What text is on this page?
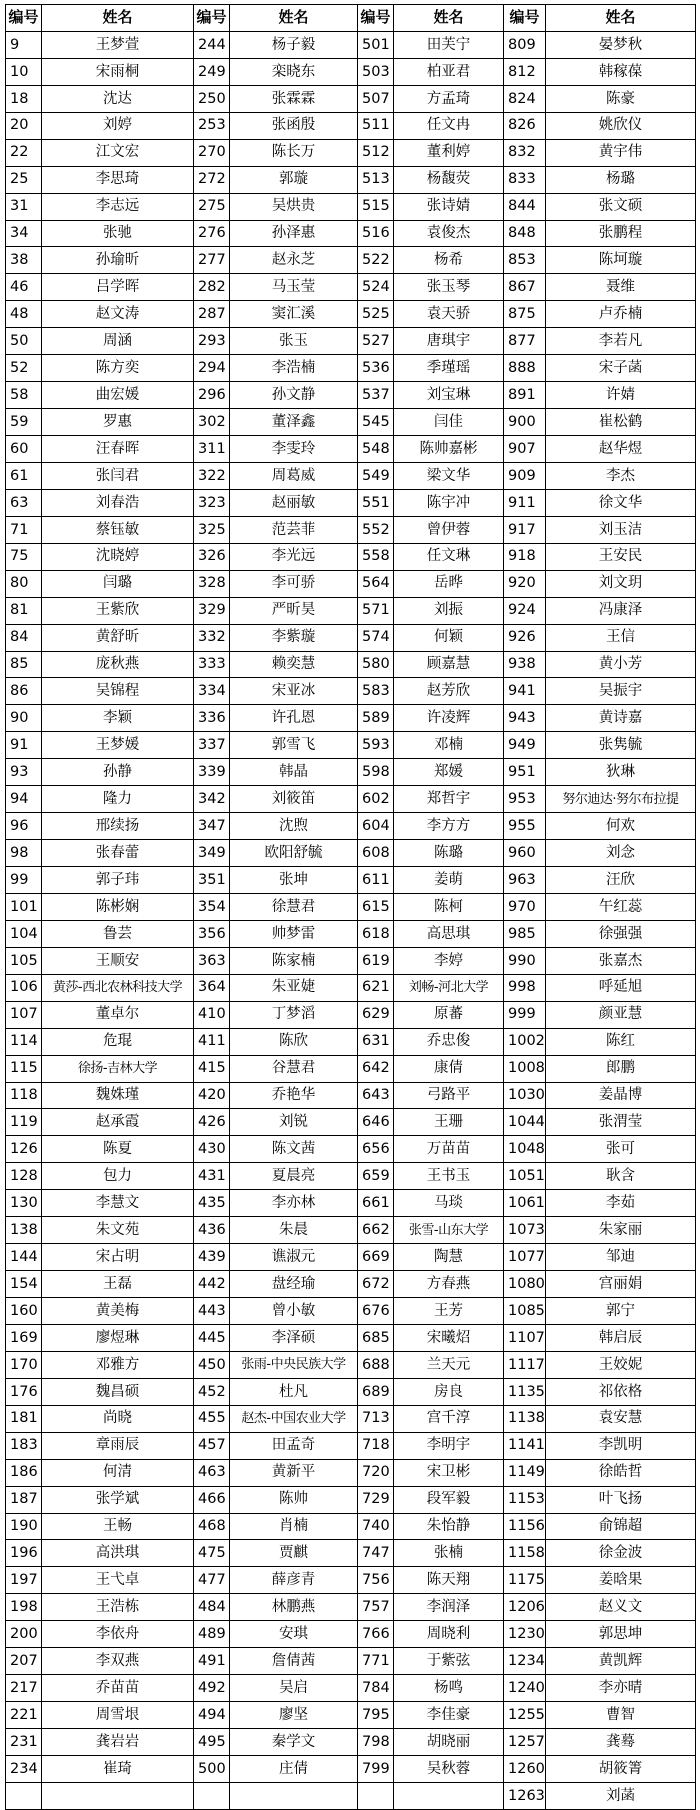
编号	姓名	编号	姓名	编号	姓名	编号	姓名
9	王梦萱	244	杨子毅	501	田芙宁	809	晏梦秋
10	宋雨桐	249	栾晓东	503	柏亚君	812	韩稼葆
18	沈达	250	张霖霖	507	方孟琦	824	陈豪
20	刘婷	253	张函殷	511	任文冉	826	姚欣仪
22	江文宏	270	陈长万	512	董利婷	832	黄宇伟
25	李思琦	272	郭璇	513	杨馥荧	833	杨璐
31	李志远	275	吴烘贵	515	张诗婧	844	张文硕
34	张驰	276	孙泽惠	516	袁俊杰	848	张鹏程
38	孙瑜昕	277	赵永芝	522	杨希	853	陈坷璇
46	吕学晖	282	马玉莹	524	张玉琴	867	聂维
48	赵文涛	287	窦汇溪	525	袁天骄	875	卢乔楠
50	周涵	293	张玉	527	唐琪宇	877	李若凡
52	陈方奕	294	李浩楠	536	季瑾瑶	888	宋子菡
58	曲宏媛	296	孙文静	537	刘宝琳	891	许婧
59	罗惠	302	董泽鑫	545	闫佳	900	崔松鹤
60	汪春晖	311	李雯玲	548	陈帅嘉彬	907	赵华煜
61	张闫君	322	周葛威	549	梁文华	909	李杰
63	刘春浩	323	赵丽敏	551	陈宇冲	911	徐文华
71	蔡钰敏	325	范芸菲	552	曾伊蓉	917	刘玉洁
75	沈晓婷	326	李光远	558	任文琳	918	王安民
80	闫璐	328	李可骄	564	岳晔	920	刘文玥
81	王紫欣	329	严昕昊	571	刘振	924	冯康泽
84	黄舒昕	332	李紫璇	574	何颖	926	王信
85	庞秋燕	333	赖奕慧	580	顾嘉慧	938	黄小芳
86	吴锦程	334	宋亚冰	583	赵芳欣	941	吴振宇
90	李颖	336	许孔恩	589	许凌辉	943	黄诗嘉
91	王梦媛	337	郭雪飞	593	邓楠	949	张隽毓
93	孙静	339	韩晶	598	郑媛	951	狄琳
94	隆力	342	刘筱笛	602	郑哲宇	953	努尔迪达·努尔布拉提
96	邢续扬	347	沈煦	604	李方方	955	何欢
98	张春蕾	349	欧阳舒毓	608	陈璐	960	刘念
99	郭子玮	351	张坤	611	姜萌	963	汪欣
101	陈彬娴	354	徐慧君	615	陈柯	970	午红蕊
104	鲁芸	356	帅梦雷	618	高思琪	985	徐强强
105	王顺安	363	陈家楠	619	李婷	990	张嘉杰
106	黄莎-西北农林科技大学	364	朱亚婕	621	刘畅-河北大学	998	呼延旭
107	董卓尔	410	丁梦滔	629	原蕃	999	颜亚慧
114	危琨	411	陈欣	631	乔忠俊	1002	陈红
115	徐扬-吉林大学	415	谷慧君	642	康倩	1008	郎鹏
118	魏姝瑾	420	乔艳华	643	弓路平	1030	姜晶博
119	赵承霞	426	刘锐	646	王珊	1044	张渭莹
126	陈夏	430	陈文茜	656	万苗苗	1048	张可
128	包力	431	夏晨亮	659	王书玉	1051	耿含
130	李慧文	435	李亦林	661	马琰	1061	李茹
138	朱文苑	436	朱晨	662	张雪-山东大学	1073	朱家丽
144	宋占明	439	谯淑元	669	陶慧	1077	邹迪
154	王磊	442	盘经瑜	672	方春燕	1080	宫丽娟
160	黄美梅	443	曾小敏	676	王芳	1085	郭宁
169	廖煜琳	445	李泽硕	685	宋曦炤	1107	韩启辰
170	邓雅方	450	张雨-中央民族大学	688	兰天元	1117	王姣妮
176	魏昌硕	452	杜凡	689	房良	1135	祁依格
181	尚晓	455	赵杰-中国农业大学	713	宫千淳	1138	袁安慧
183	章雨辰	457	田孟奇	718	李明宇	1141	李凯明
186	何清	463	黄新平	720	宋卫彬	1149	徐皓哲
187	张学斌	466	陈帅	729	段军毅	1153	叶飞扬
190	王畅	468	肖楠	740	朱怡静	1156	俞锦超
196	高洪琪	475	贾麒	747	张楠	1158	徐金波
197	王弋卓	477	薛彦青	756	陈天翔	1175	姜晗果
198	王浩栋	484	林鹏燕	757	李润泽	1206	赵义文
200	李依舟	489	安琪	766	周晓利	1230	郭思坤
207	李双燕	491	詹倩茜	771	于紫弦	1234	黄凯辉
217	乔苗苗	492	吴启	784	杨鸣	1240	李亦晴
221	周雪垠	494	廖坚	795	李佳豪	1255	曹智
231	龚岩岩	495	秦学文	798	胡晓丽	1257	龚蓦
234	崔琦	500	庄倩	799	吴秋蓉	1260	胡筱箐
						1263	刘菡
